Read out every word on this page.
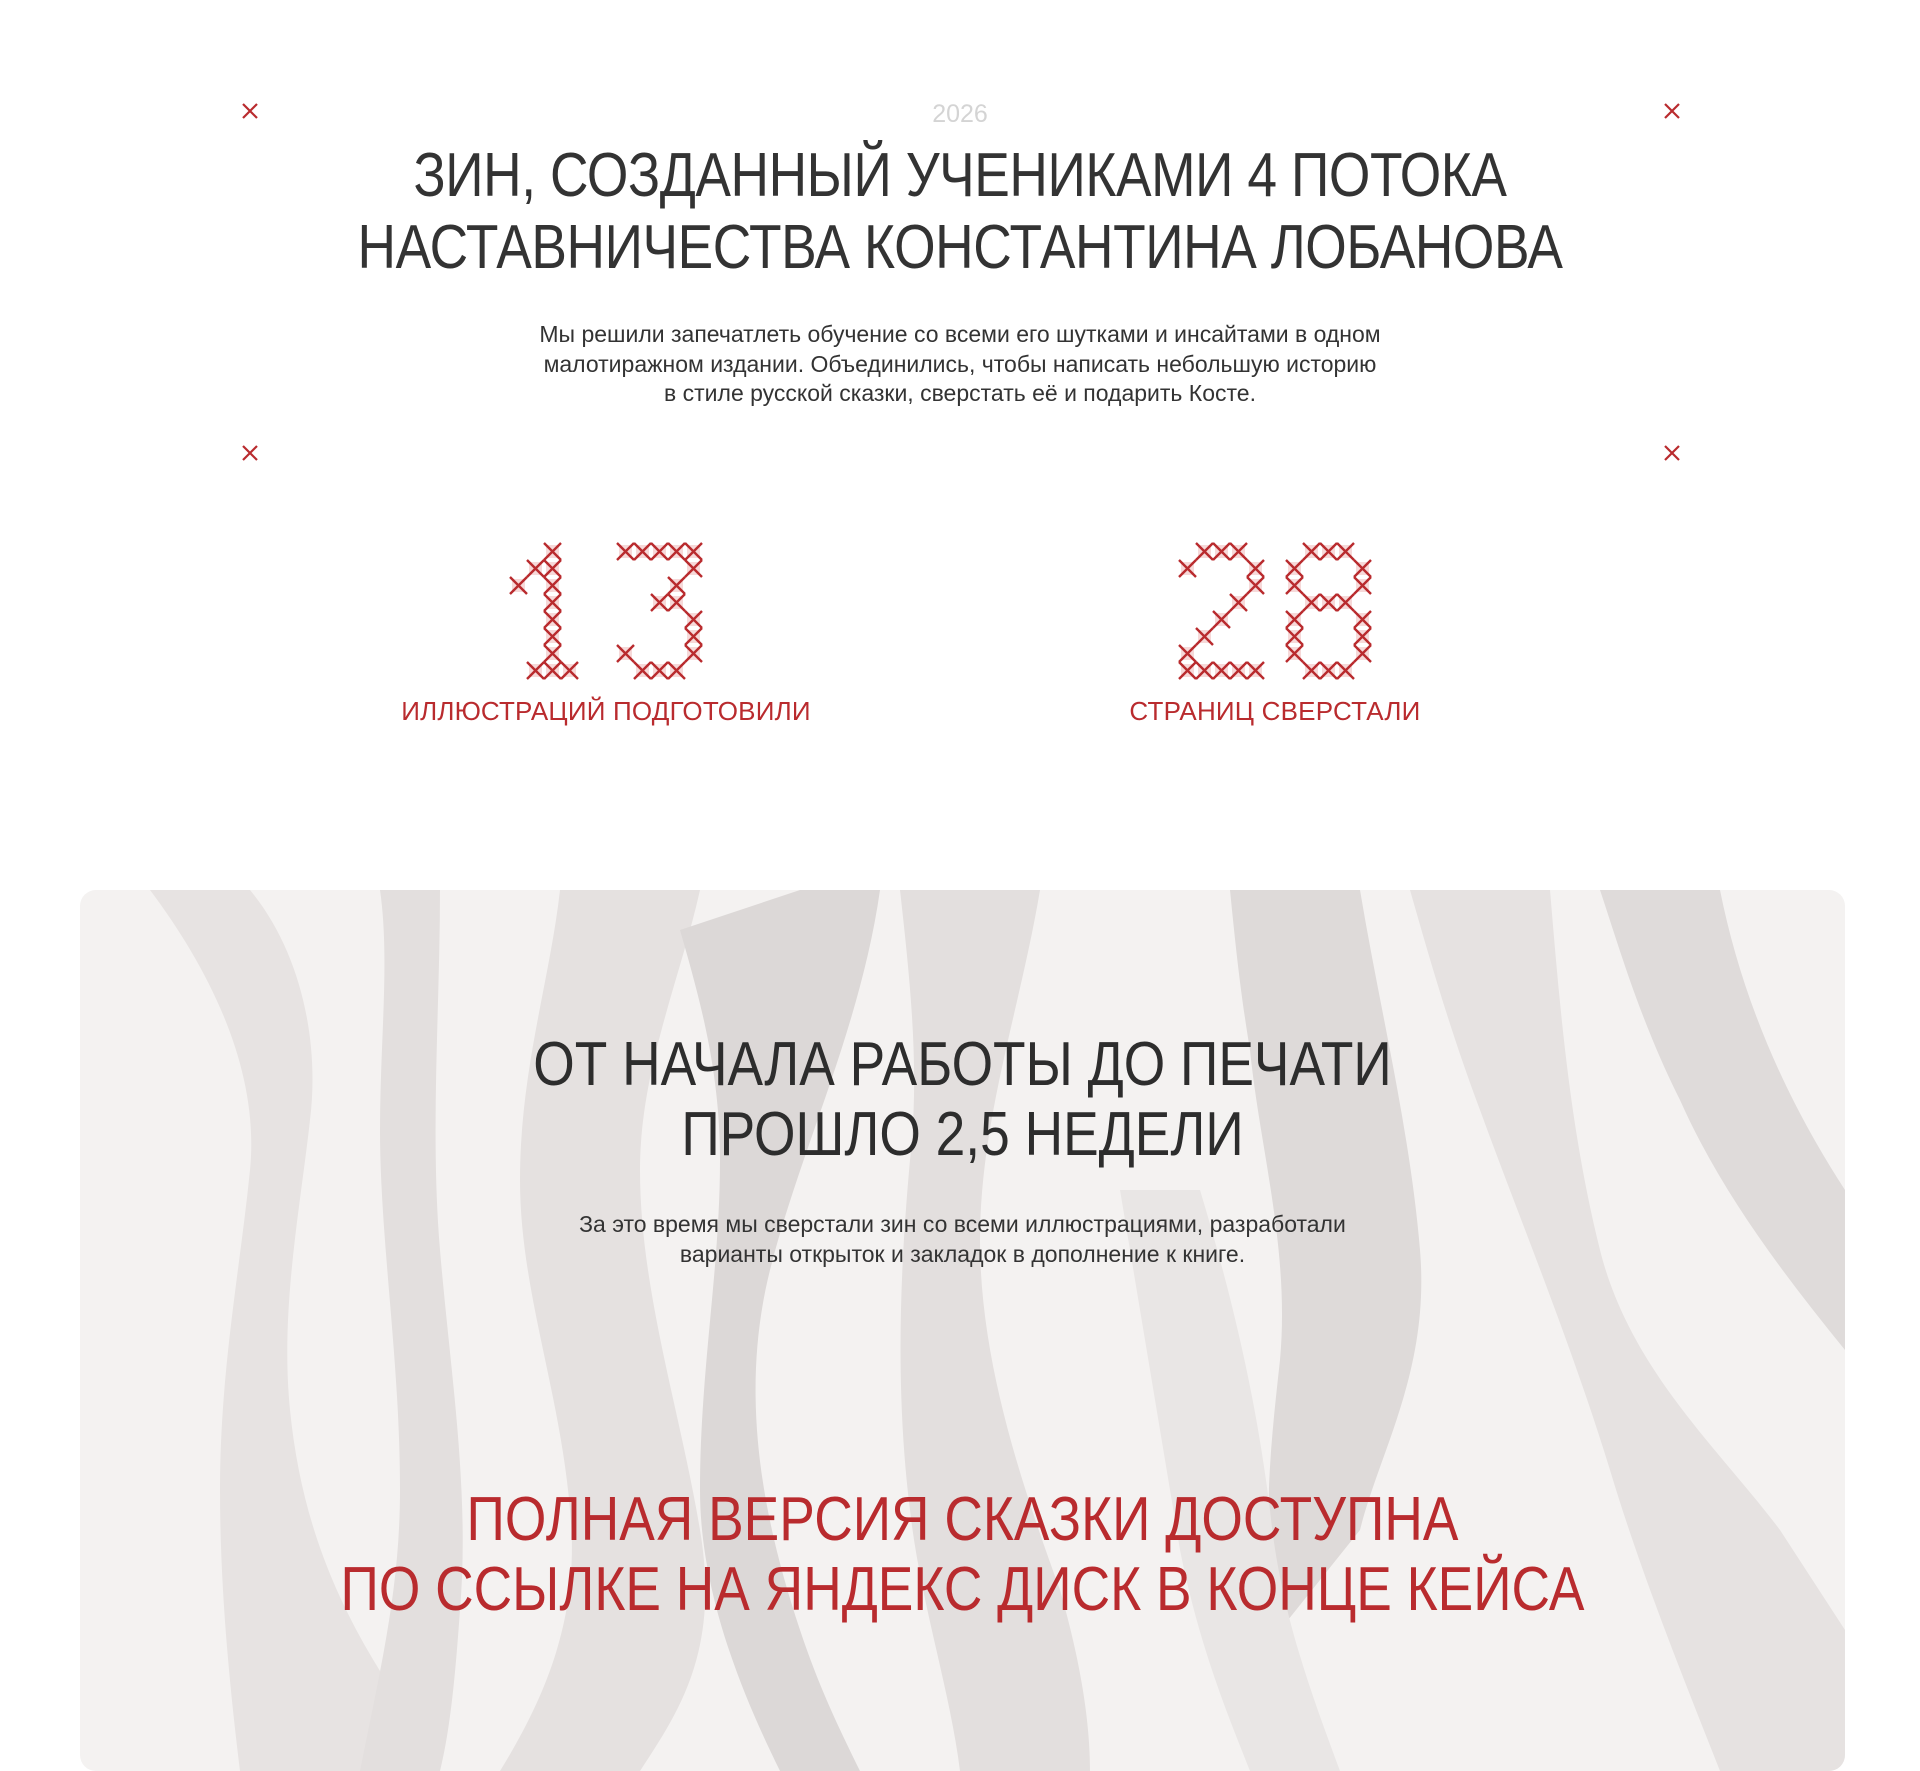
2026
ЗИН, СОЗДАННЫЙ УЧЕНИКАМИ 4 ПОТОКА
НАСТАВНИЧЕСТВА КОНСТАНТИНА ЛОБАНОВА
Мы решили запечатлеть обучение со всеми его шутками и инсайтами в одном
малотиражном издании. Объединились, чтобы написать небольшую историю
в стиле русской сказки, сверстать её и подарить Косте.
ИЛЛЮСТРАЦИЙ ПОДГОТОВИЛИ	СТРАНИЦ СВЕРСТАЛИ
ОТ НАЧАЛА РАБОТЫ ДО ПЕЧАТИ
ПРОШЛО 2,5 НЕДЕЛИ
За это время мы сверстали зин со всеми иллюстрациями, разработали
варианты открыток и закладок в дополнение к книге.
ПОЛНАЯ ВЕРСИЯ СКАЗКИ ДОСТУПНА
ПО ССЫЛКЕ НА ЯНДЕКС ДИСК В КОНЦЕ КЕЙСА
